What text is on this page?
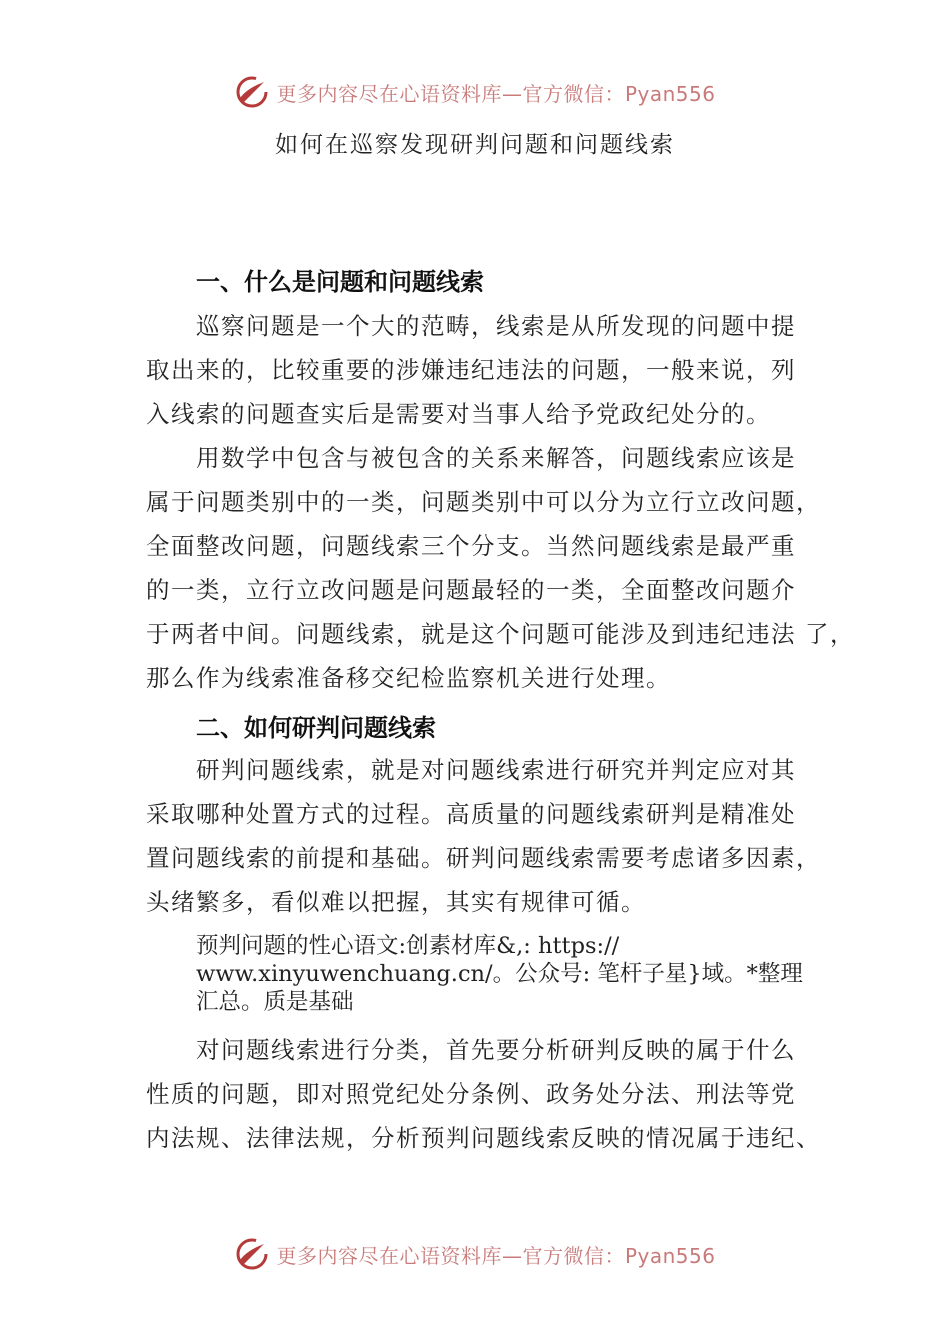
更多内容尽在心语资料库—官方微信：Pyan556
如何在巡察发现研判问题和问题线索
一、什么是问题和问题线索
巡察问题是一个大的范畴，线索是从所发现的问题中提
取出来的，比较重要的涉嫌违纪违法的问题，一般来说，列
入线索的问题查实后是需要对当事人给予党政纪处分的。
用数学中包含与被包含的关系来解答，问题线索应该是
属于问题类别中的一类，问题类别中可以分为立行立改问题，
全面整改问题，问题线索三个分支。当然问题线索是最严重
的一类，立行立改问题是问题最轻的一类，全面整改问题介
于两者中间。问题线索，就是这个问题可能涉及到违纪违法 了，
那么作为线索准备移交纪检监察机关进行处理。
二、如何研判问题线索
研判问题线索，就是对问题线索进行研究并判定应对其
采取哪种处置方式的过程。高质量的问题线索研判是精准处
置问题线索的前提和基础。研判问题线索需要考虑诸多因素，
头绪繁多，看似难以把握，其实有规律可循。
预判问题的性心语文:创素材库&,: https://
www.xinyuwenchuang.cn/。公众号: 笔杆子星}域。*整理
汇总。质是基础
对问题线索进行分类，首先要分析研判反映的属于什么
性质的问题，即对照党纪处分条例、政务处分法、刑法等党
内法规、法律法规，分析预判问题线索反映的情况属于违纪、
更多内容尽在心语资料库—官方微信：Pyan556
